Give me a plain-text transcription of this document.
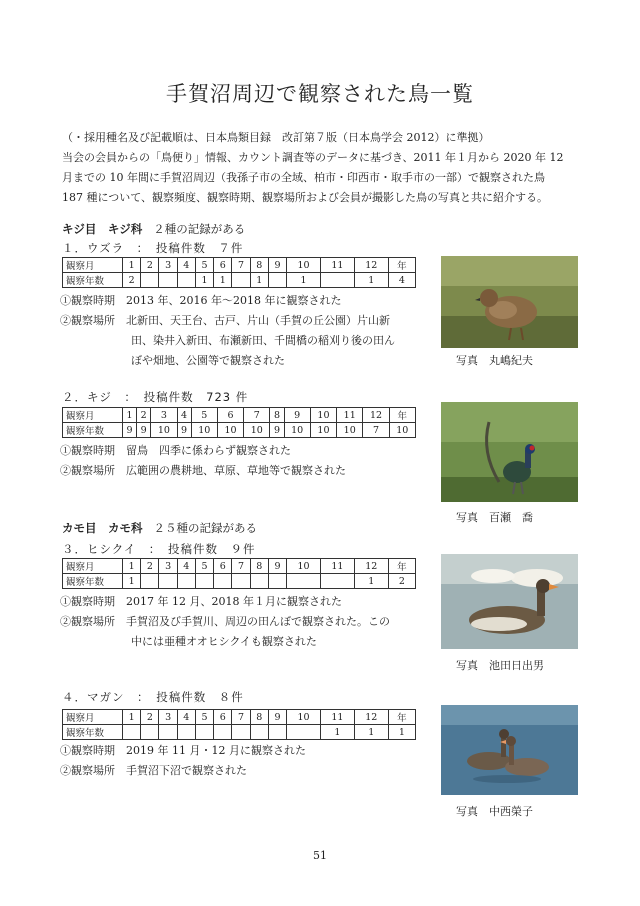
手賀沼周辺で観察された鳥一覧
（・採用種名及び記載順は、日本鳥類目録　改訂第７版（日本鳥学会 2012）に準拠）
当会の会員からの「鳥便り」情報、カウント調査等のデータに基づき、2011 年１月から 2020 年 12
月までの 10 年間に手賀沼周辺（我孫子市の全域、柏市・印西市・取手市の一部）で観察された鳥
187 種について、観察頻度、観察時期、観察場所および会員が撮影した鳥の写真と共に紹介する。
キジ目　キジ科 ２種の記録がある
１．ウズラ　：　投稿件数　７件
観察月	1	2	3	4	5	6	7	8	9	10	11	12	年
観察年数	2				1	1		1		1		1	4
①観察時期　2013 年、2016 年～2018 年に観察された
②観察場所　北新田、天王台、古戸、片山（手賀の丘公園）片山新
田、染井入新田、布瀬新田、千間橋の稲刈り後の田ん
ぼや畑地、公園等で観察された	写真　丸嶋紀夫
２．キジ　：　投稿件数　723 件
観察月	1	2	3	4	5	6	7	8	9	10	11	12	年
観察年数	9	9	10	9	10	10	10	9	10	10	10	7	10
①観察時期　留鳥　四季に係わらず観察された
②観察場所　広範囲の農耕地、草原、草地等で観察された
写真　百瀬　喬
カモ目　カモ科 ２５種の記録がある
３．ヒシクイ　：　投稿件数　９件
観察月	1	2	3	4	5	6	7	8	9	10	11	12	年
観察年数	1											1	2
①観察時期　2017 年 12 月、2018 年１月に観察された
②観察場所　手賀沼及び手賀川、周辺の田んぼで観察された。この
中には亜種オオヒシクイも観察された
写真　池田日出男
４．マガン　：　投稿件数　８件
観察月	1	2	3	4	5	6	7	8	9	10	11	12	年
観察年数											1	1	1
①観察時期　2019 年 11 月・12 月に観察された
②観察場所　手賀沼下沼で観察された
写真　中西榮子
51
